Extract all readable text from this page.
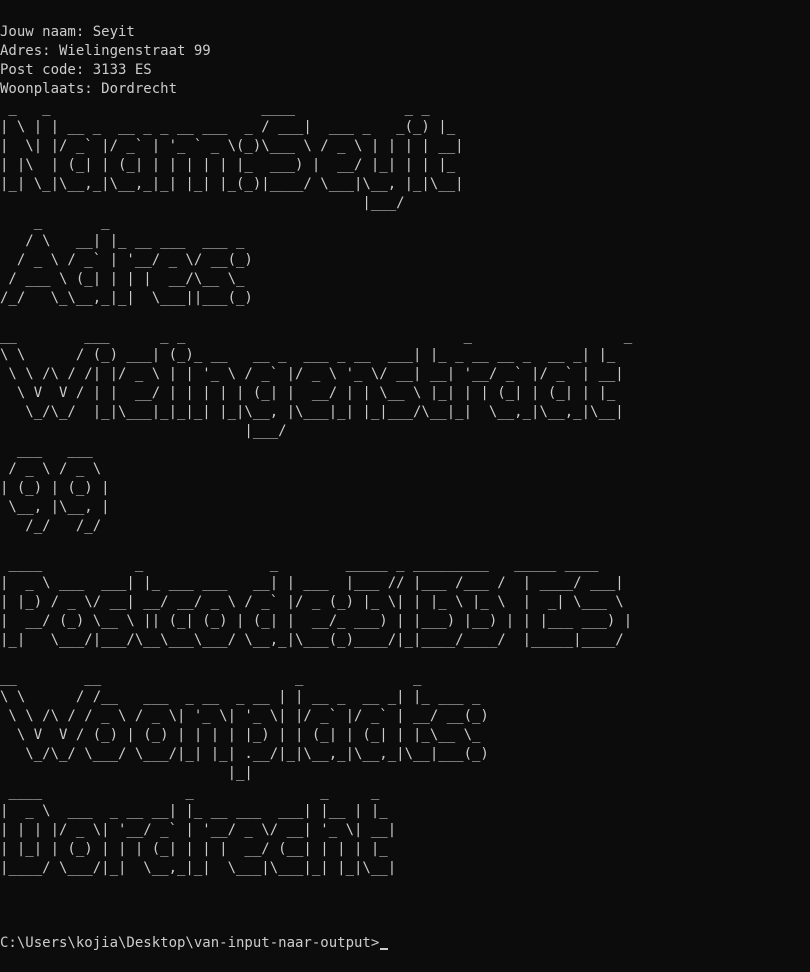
Jouw naam: Seyit
Adres: Wielingenstraat 99
Post code: 3133 ES
Woonplaats: Dordrecht
_   _                         ____             _ _
| \ | | __ _  __ _ _ __ ___  _ / ___|  ___ _   _(_) |_
|  \| |/ _` |/ _` | '_ ` _ \(_)\___ \ / _ \ | | | | __|
| |\  | (_| | (_| | | | | | |_  ___) |  __/ |_| | | |_
|_| \_|\__,_|\__,_|_| |_| |_(_)|____/ \___|\__, |_|\__|
|___/
_       _
/ \   __| |_ __ ___  ___ _
/ _ \ / _` | '__/ _ \/ __(_)
/ ___ \ (_| | | |  __/\__ \_
/_/   \_\__,_|_|  \___||___(_)
__        ___      _ _                                 _                  _
\ \      / (_) ___| (_)_ __   __ _  ___ _ __  ___| |_ _ __ __ _  __ _| |_
\ \ /\ / /| |/ _ \ | | '_ \ / _` |/ _ \ '_ \/ __| __| '__/ _` |/ _` | __|
\ V  V / | |  __/ | | | | | (_| |  __/ | | \__ \ |_| | | (_| | (_| | |_
\_/\_/  |_|\___|_|_|_| |_|\__, |\___|_| |_|___/\__|_|  \__,_|\__,_|\__|
|___/
___   ___
/ _ \ / _ \
| (_) | (_) |
\__, |\__, |
/_/   /_/
____           _               _        _____ _ _________   _____ ____
|  _ \ ___  ___| |_ ___ ___   __| | ___  |___ // |___ /___ /  | ____/ ___|
| |_) / _ \/ __| __/ __/ _ \ / _` |/ _ (_) |_ \| | |_ \ |_ \  |  _| \___ \
|  __/ (_) \__ \ || (_| (_) | (_| |  __/_ ___) | |___) |__) | | |___ ___) |
|_|   \___/|___/\__\___\___/ \__,_|\___(_)____/|_|____/____/  |_____|____/
__        __                       _             _
\ \      / /__   ___  _ __  _ __ | | __ _  __ _| |_ ___ _
\ \ /\ / / _ \ / _ \| '_ \| '_ \| |/ _` |/ _` | __/ __(_)
\ V  V / (_) | (_) | | | | |_) | | (_| | (_| | |_\__ \_
\_/\_/ \___/ \___/|_| |_| .__/|_|\__,_|\__,_|\__|___(_)
|_|
____                 _               _     _
|  _ \  ___  _ __ __| |_ __ ___  ___| |__ | |_
| | | |/ _ \| '__/ _` | '__/ _ \/ __| '_ \| __|
| |_| | (_) | | | (_| | | |  __/ (__| | | | |_
|____/ \___/|_|  \__,_|_|  \___|\___|_| |_|\__|
C:\Users\kojia\Desktop\van-input-naar-output>
